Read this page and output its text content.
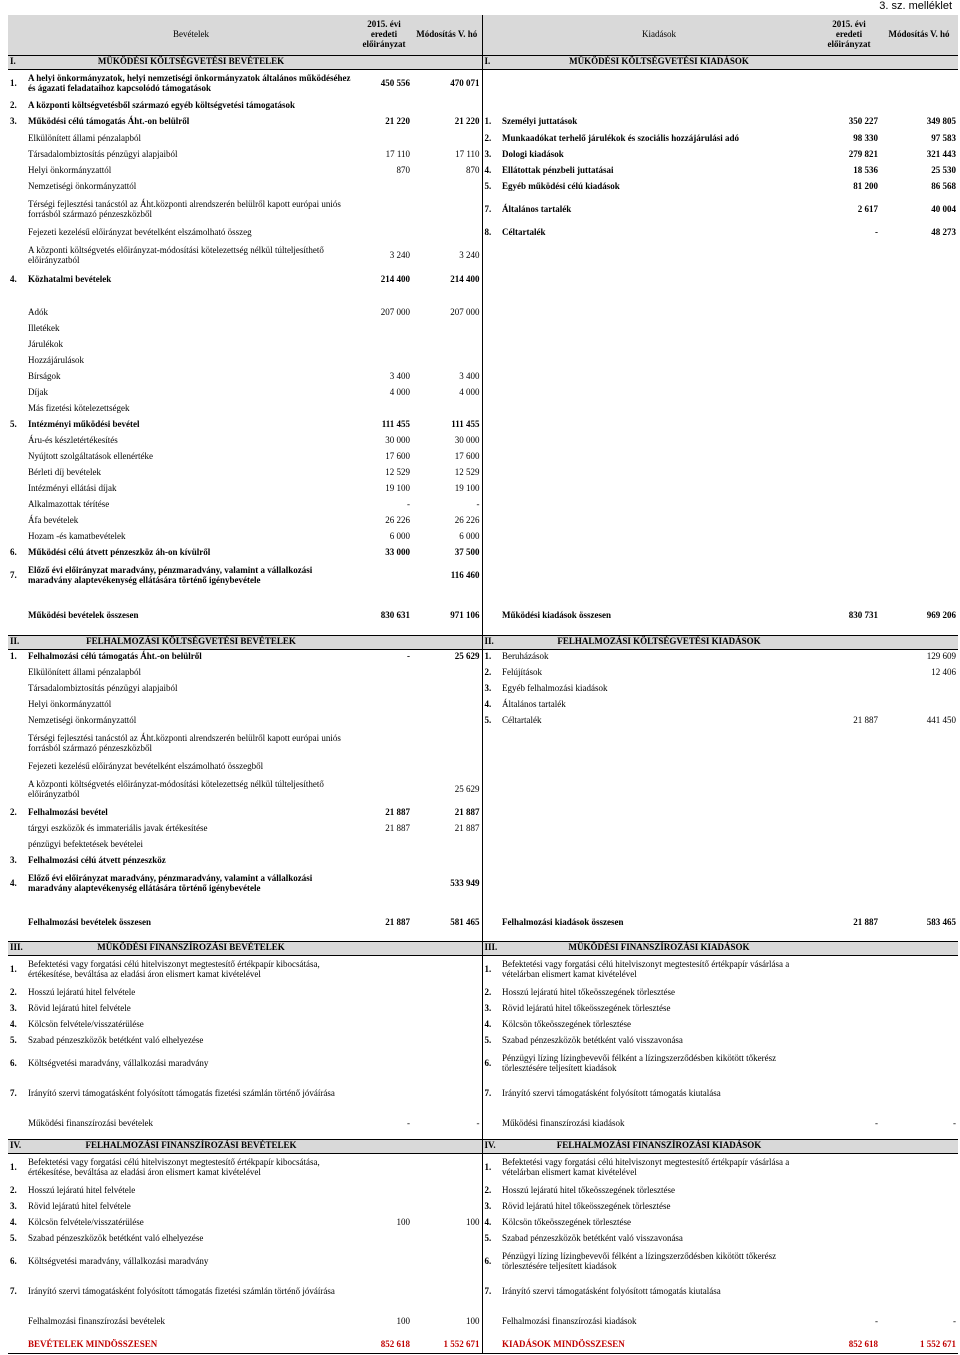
3. sz. melléklet
	Bevételek	2015. évi eredeti előirányzat	Módosítás V. hó		Kiadások	2015. évi eredeti előirányzat	Módosítás V. hó
I.	MŰKÖDÉSI KÖLTSÉGVETÉSI BEVÉTELEK			I.	MŰKÖDÉSI KÖLTSÉGVETÉSI KIADÁSOK		
1.	A helyi önkormányzatok, helyi nemzetiségi önkormányzatok általános működéséhez és ágazati feladataihoz kapcsolódó támogatások	450 556	470 071				
2.	A központi költségvetésből származó egyéb költségvetési támogatások						
3.	Működési célú támogatás Áht.-on belülről	21 220	21 220	1.	Személyi juttatások	350 227	349 805
	Elkülönített állami pénzalapból			2.	Munkaadókat terhelő járulékok és szociális hozzájárulási adó	98 330	97 583
	Társadalombiztosítás pénzügyi alapjaiból	17 110	17 110	3.	Dologi kiadások	279 821	321 443
	Helyi önkormányzattól	870	870	4.	Ellátottak pénzbeli juttatásai	18 536	25 530
	Nemzetiségi önkormányzattól			5.	Egyéb működési célú kiadások	81 200	86 568
	Térségi fejlesztési tanácstól az Áht.központi alrendszerén belülről kapott európai uniós forrásból származó pénzeszközből			7.	Általános tartalék	2 617	40 004
	Fejezeti kezelésű előirányzat bevételként elszámolható összeg			8.	Céltartalék	-	48 273
	A központi költségvetés előirányzat-módosítási kötelezettség nélkül túlteljesíthető előirányzatból	3 240	3 240				
4.	Közhatalmi bevételek	214 400	214 400				

	Adók	207 000	207 000				
	Illetékek						
	Járulékok						
	Hozzájárulások						
	Bírságok	3 400	3 400				
	Díjak	4 000	4 000				
	Más fizetési kötelezettségek						
5.	Intézményi működési bevétel	111 455	111 455				
	Áru-és készletértékesítés	30 000	30 000				
	Nyújtott szolgáltatások ellenértéke	17 600	17 600				
	Bérleti díj bevételek	12 529	12 529				
	Intézményi ellátási díjak	19 100	19 100				
	Alkalmazottak térítése	-	-				
	Áfa bevételek	26 226	26 226				
	Hozam -és kamatbevételek	6 000	6 000				
6.	Működési célú átvett pénzeszköz áh-on kívülről	33 000	37 500				
7.	Előző évi előirányzat maradvány, pénzmaradvány, valamint a vállalkozási maradvány alaptevékenység ellátására történő igénybevétele		116 460				

	Működési bevételek összesen	830 631	971 106		Működési kiadások összesen	830 731	969 206

II.	FELHALMOZÁSI KÖLTSÉGVETÉSI BEVÉTELEK			II.	FELHALMOZÁSI KÖLTSÉGVETÉSI KIADÁSOK		
1.	Felhalmozási célú támogatás Áht.-on belülről	-	25 629	1.	Beruházások		129 609
	Elkülönített állami pénzalapból			2.	Felújítások		12 406
	Társadalombiztosítás pénzügyi alapjaiból			3.	Egyéb felhalmozási kiadások		
	Helyi önkormányzattól			4.	Általános tartalék		
	Nemzetiségi önkormányzattól			5.	Céltartalék	21 887	441 450
	Térségi fejlesztési tanácstól az Áht.központi alrendszerén belülről kapott európai uniós forrásból származó pénzeszközből						
	Fejezeti kezelésű előirányzat bevételként elszámolható összegből						
	A központi költségvetés előirányzat-módosítási kötelezettség nélkül túlteljesíthető előirányzatból		25 629				
2.	Felhalmozási bevétel	21 887	21 887				
	tárgyi eszközök és immateriális javak értékesítése	21 887	21 887				
	pénzügyi befektetések bevételei						
3.	Felhalmozási célú átvett pénzeszköz						
4.	Előző évi előirányzat maradvány, pénzmaradvány, valamint a vállalkozási maradvány alaptevékenység ellátására történő igénybevétele		533 949				

	Felhalmozási bevételek összesen	21 887	581 465		Felhalmozási kiadások összesen	21 887	583 465

III.	MŰKÖDÉSI FINANSZÍROZÁSI BEVÉTELEK			III.	MŰKÖDÉSI FINANSZÍROZÁSI KIADÁSOK		
1.	Befektetési vagy forgatási célú hitelviszonyt megtestesítő értékpapír kibocsátása, értékesítése, beváltása az eladási áron elismert kamat kivételével			1.	Befektetési vagy forgatási célú hitelviszonyt megtestesítő értékpapír vásárlása a vételárban elismert kamat kivételével		
2.	Hosszú lejáratú hitel felvétele			2.	Hosszú lejáratú hitel tőkeösszegének törlesztése		
3.	Rövid lejáratú hitel felvétele			3.	Rövid lejáratú hitel tőkeösszegének törlesztése		
4.	Kölcsön felvétele/visszatérülése			4.	Kölcsön tőkeösszegének törlesztése		
5.	Szabad pénzeszközök betétként való elhelyezése			5.	Szabad pénzeszközök betétként való visszavonása		
6.	Költségvetési maradvány, vállalkozási maradvány			6.	Pénzügyi lízing lízingbevevői félként a lízingszerződésben kikötött tőkerész törlesztésére teljesített kiadások		
7.	Irányító szervi támogatásként folyósított támogatás fizetési számlán történő jóváírása			7.	Irányító szervi támogatásként folyósított támogatás kiutalása		
	Működési finanszírozási bevételek	-	-		Működési finanszírozási kiadások	-	-
IV.	FELHALMOZÁSI FINANSZÍROZÁSI BEVÉTELEK			IV.	FELHALMOZÁSI FINANSZÍROZÁSI KIADÁSOK		
1.	Befektetési vagy forgatási célú hitelviszonyt megtestesítő értékpapír kibocsátása, értékesítése, beváltása az eladási áron elismert kamat kivételével			1.	Befektetési vagy forgatási célú hitelviszonyt megtestesítő értékpapír vásárlása a vételárban elismert kamat kivételével		
2.	Hosszú lejáratú hitel felvétele			2.	Hosszú lejáratú hitel tőkeösszegének törlesztése		
3.	Rövid lejáratú hitel felvétele			3.	Rövid lejáratú hitel tőkeösszegének törlesztése		
4.	Kölcsön felvétele/visszatérülése	100	100	4.	Kölcsön tőkeösszegének törlesztése		
5.	Szabad pénzeszközök betétként való elhelyezése			5.	Szabad pénzeszközök betétként való visszavonása		
6.	Költségvetési maradvány, vállalkozási maradvány			6.	Pénzügyi lízing lízingbevevői félként a lízingszerződésben kikötött tőkerész törlesztésére teljesített kiadások		
7.	Irányító szervi támogatásként folyósított támogatás fizetési számlán történő jóváírása			7.	Irányító szervi támogatásként folyósított támogatás kiutalása		
	Felhalmozási finanszírozási bevételek	100	100		Felhalmozási finanszírozási kiadások	-	-
	BEVÉTELEK MINDÖSSZESEN	852 618	1 552 671		KIADÁSOK MINDÖSSZESEN	852 618	1 552 671
